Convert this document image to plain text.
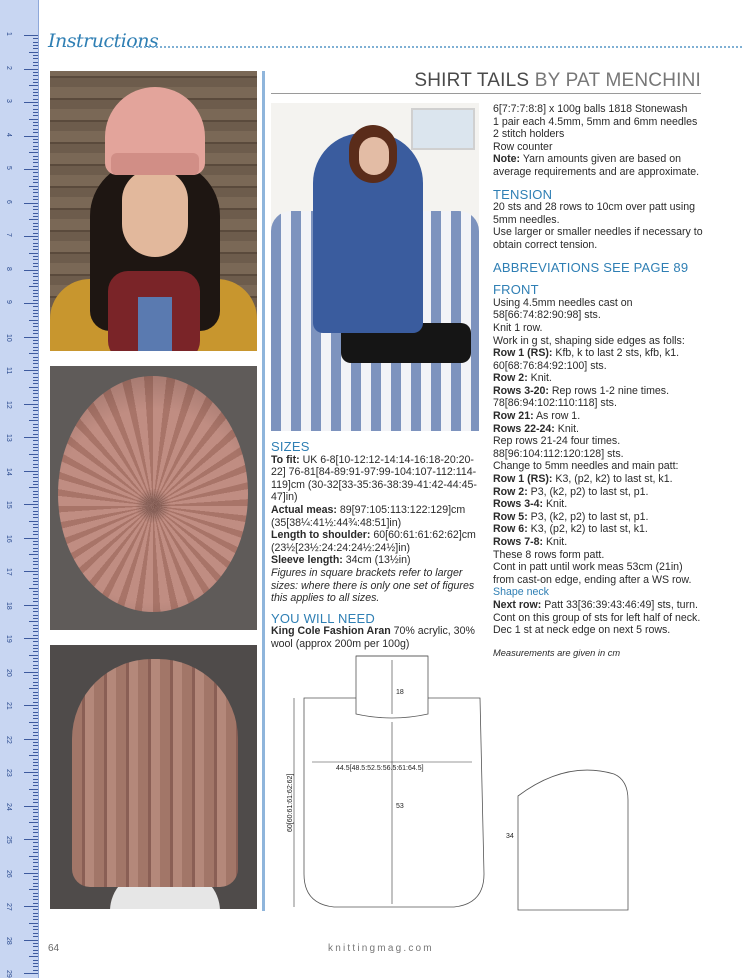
1
2
3
4
5
6
7
8
9
10
11
12
13
14
15
16
17
18
19
20
21
22
23
24
25
26
27
28
29
Instructions
SHIRT TAILS BY PAT MENCHINI
SIZES

To fit: UK 6-8[10-12:12-14:14-16:18-20:20-22] 76-81[84-89:91-97:99-104:107-112:114-119]cm (30-32[33-35:36-38:39-41:42-44:45-47]in)

Actual meas: 89[97:105:113:122:129]cm (35[38¼:41½:44¾:48:51]in)

Length to shoulder: 60[60:61:61:62:62]cm (23½[23½:24:24:24½:24½]in)

Sleeve length: 34cm (13½in)

Figures in square brackets refer to larger sizes: where there is only one set of figures this applies to all sizes.

YOU WILL NEED

King Cole Fashion Aran 70% acrylic, 30% wool (approx 200m per 100g)

6[7:7:7:8:8] x 100g balls 1818 Stonewash

1 pair each 4.5mm, 5mm and 6mm needles

2 stitch holders

Row counter

Note: Yarn amounts given are based on average requirements and are approximate.

TENSION

20 sts and 28 rows to 10cm over patt using 5mm needles.

Use larger or smaller needles if necessary to obtain correct tension.

ABBREVIATIONS SEE PAGE 89
FRONT

Using 4.5mm needles cast on 58[66:74:82:90:98] sts.

Knit 1 row.

Work in g st, shaping side edges as folls:

Row 1 (RS): Kfb, k to last 2 sts, kfb, k1.

60[68:76:84:92:100] sts.

Row 2: Knit.

Rows 3-20: Rep rows 1-2 nine times.

78[86:94:102:110:118] sts.

Row 21: As row 1.

Rows 22-24: Knit.

Rep rows 21-24 four times.

88[96:104:112:120:128] sts.

Change to 5mm needles and main patt:

Row 1 (RS): K3, (p2, k2) to last st, k1.

Row 2: P3, (k2, p2) to last st, p1.

Rows 3-4: Knit.

Row 5: P3, (k2, p2) to last st, p1.

Row 6: K3, (p2, k2) to last st, k1.

Rows 7-8: Knit.

These 8 rows form patt.

Cont in patt until work meas 53cm (21in) from cast-on edge, ending after a WS row.

Shape neck

Next row: Patt 33[36:39:43:46:49] sts, turn.

Cont on this group of sts for left half of neck.

Dec 1 st at neck edge on next 5 rows.

Measurements are given in cm

18
44.5[48.5:52.5:56.5:61:64.5]
53
60[60:61:61:62:62]
34
64	knittingmag.com
